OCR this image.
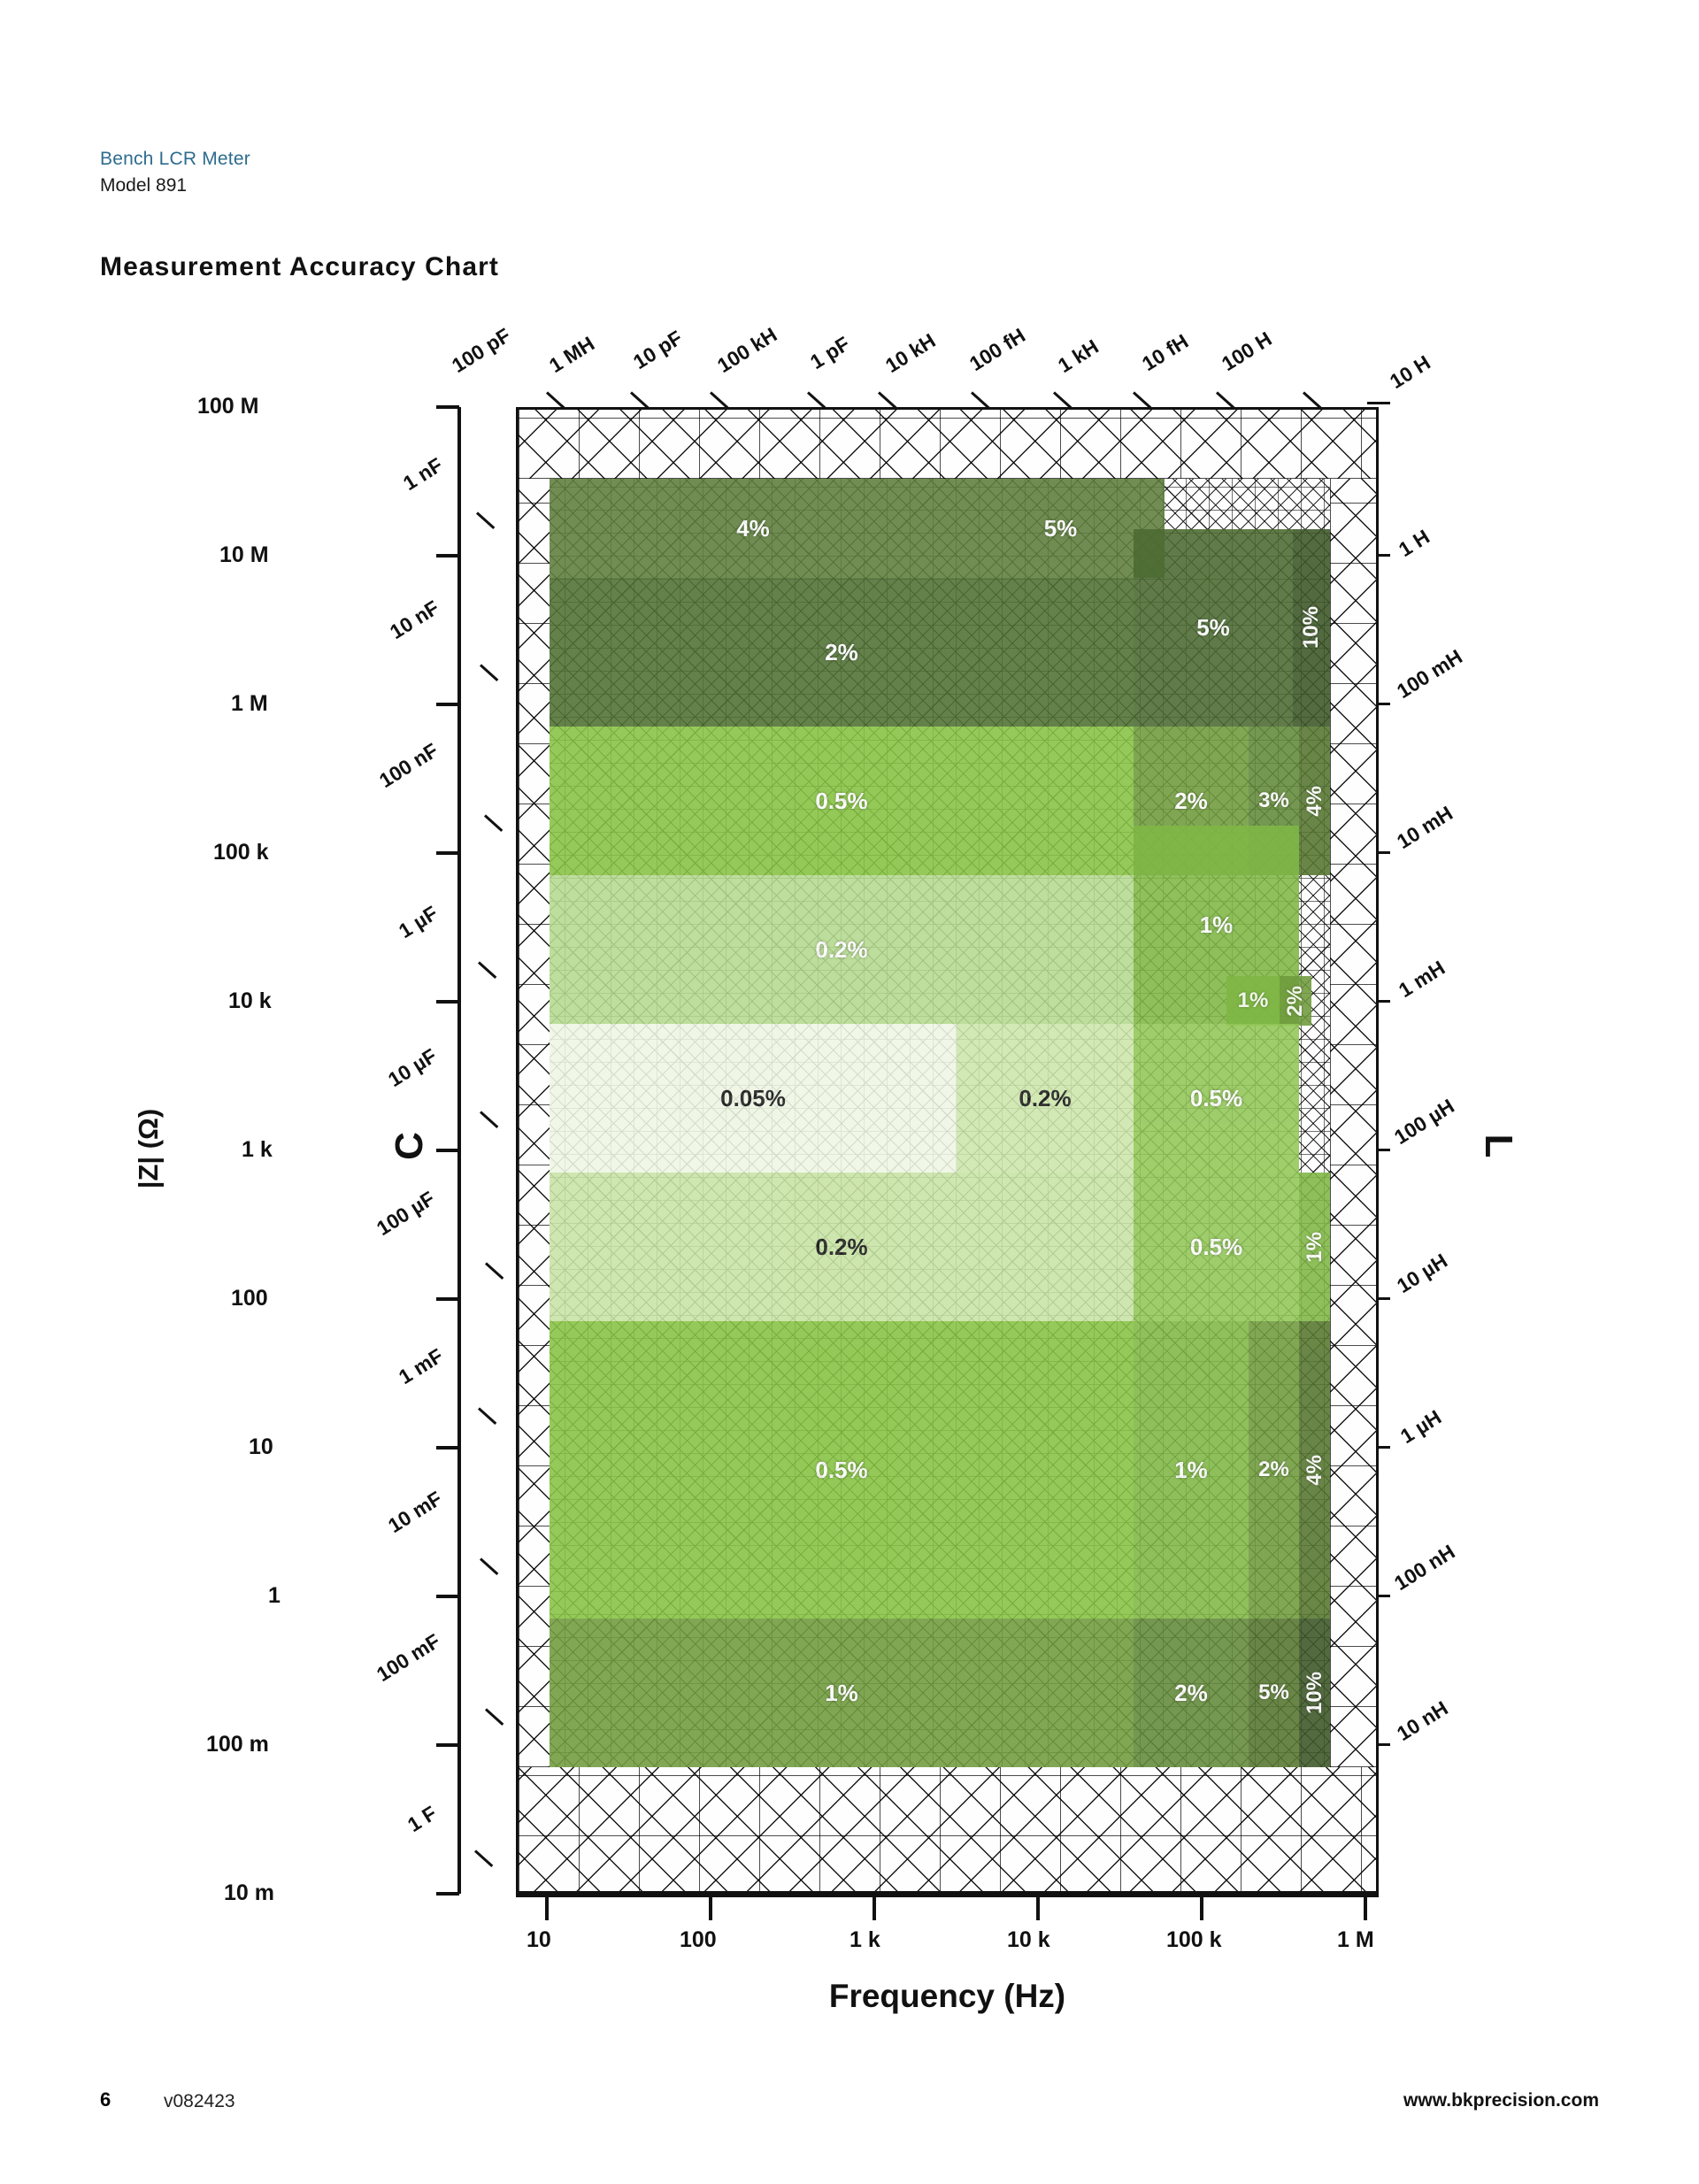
Bench LCR Meter
Model 891
Measurement Accuracy Chart
|Z| (Ω)	C	L
100 M
10 M
1 M
100 k
10 k
1 k
100
10
1
100 m
10 m
1 nF
10 nF
100 nF
1 µF
10 µF
100 µF
1 mF
10 mF
100 mF
1 F
100 pF 1 MH 10 pF 100 kH 1 pF 10 kH 100 fH 1 kH 10 fH 100 H	10 H
1 H
100 mH
10 mH
1 mH
100 µH
10 µH
1 µH
100 nH
10 nH
4%	5%
2%
5%	10%
0.5%	2% 3% 4%
0.2%
1%
1% 2%
0.05%	0.2%	0.5%
0.2%	0.5%	1%
0.5%	1% 2% 4%
1%	2% 5% 10%
10	100	1 k	10 k	100 k	1 M
Frequency (Hz)
6	v082423	www.bkprecision.com
